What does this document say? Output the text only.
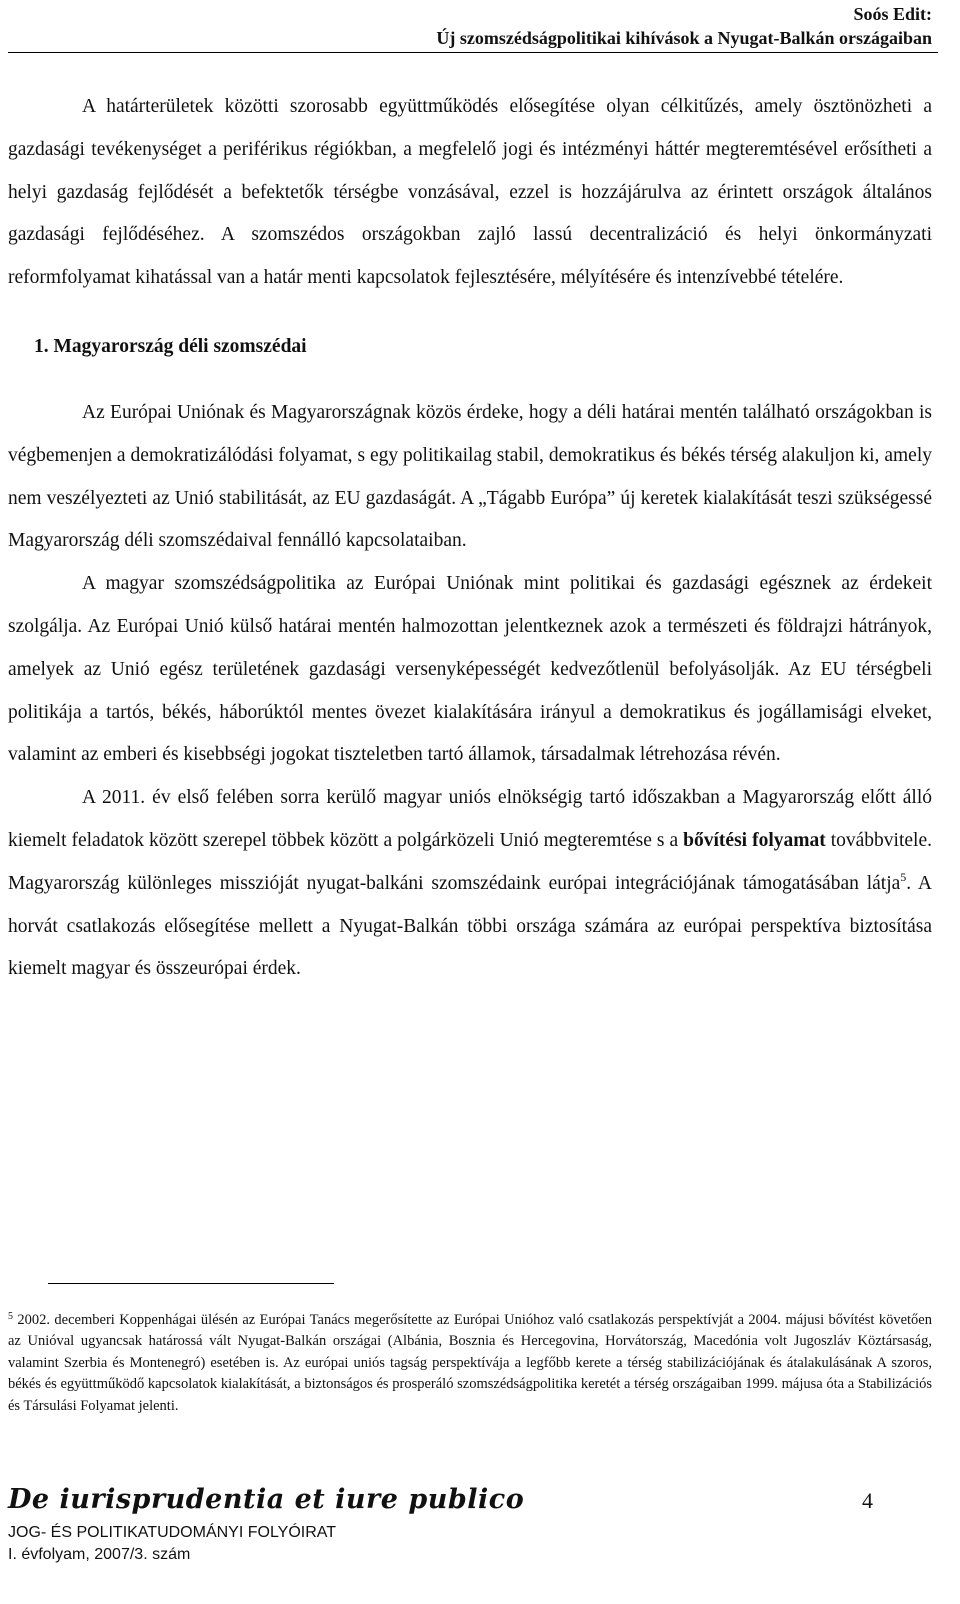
Soós Edit:
Új szomszédságpolitikai kihívások a Nyugat-Balkán országaiban

A határterületek közötti szorosabb együttműködés elősegítése olyan célkitűzés, amely ösztönözheti a gazdasági tevékenységet a periférikus régiókban, a megfelelő jogi és intézményi háttér megteremtésével erősítheti a helyi gazdaság fejlődését a befektetők térségbe vonzásával, ezzel is hozzájárulva az érintett országok általános gazdasági fejlődéséhez. A szomszédos országokban zajló lassú decentralizáció és helyi önkormányzati reformfolyamat kihatással van a határ menti kapcsolatok fejlesztésére, mélyítésére és intenzívebbé tételére.

1. Magyarország déli szomszédai

Az Európai Uniónak és Magyarországnak közös érdeke, hogy a déli határai mentén található országokban is végbemenjen a demokratizálódási folyamat, s egy politikailag stabil, demokratikus és békés térség alakuljon ki, amely nem veszélyezteti az Unió stabilitását, az EU gazdaságát. A „Tágabb Európa” új keretek kialakítását teszi szükségessé Magyarország déli szomszédaival fennálló kapcsolataiban.

A magyar szomszédságpolitika az Európai Uniónak mint politikai és gazdasági egésznek az érdekeit szolgálja. Az Európai Unió külső határai mentén halmozottan jelentkeznek azok a természeti és földrajzi hátrányok, amelyek az Unió egész területének gazdasági versenyképességét kedvezőtlenül befolyásolják. Az EU térségbeli politikája a tartós, békés, háborúktól mentes övezet kialakítására irányul a demokratikus és jogállamisági elveket, valamint az emberi és kisebbségi jogokat tiszteletben tartó államok, társadalmak létrehozása révén.

A 2011. év első felében sorra kerülő magyar uniós elnökségig tartó időszakban a Magyarország előtt álló kiemelt feladatok között szerepel többek között a polgárközeli Unió megteremtése s a bővítési folyamat továbbvitele. Magyarország különleges misszióját nyugat-balkáni szomszédaink európai integrációjának támogatásában látja$^5$. A horvát csatlakozás elősegítése mellett a Nyugat-Balkán többi országa számára az európai perspektíva biztosítása kiemelt magyar és összeurópai érdek.

$^5$ 2002. decemberi Koppenhágai ülésén az Európai Tanács megerősítette az Európai Unióhoz való csatlakozás perspektívját a 2004. májusi bővítést követően az Unióval ugyancsak határossá vált Nyugat-Balkán országai (Albánia, Bosznia és Hercegovina, Horvátország, Macedónia volt Jugoszláv Köztársaság, valamint Szerbia és Montenegró) esetében is. Az európai uniós tagság perspektívája a legfőbb kerete a térség stabilizációjának és átalakulásának A szoros, békés és együttműködő kapcsolatok kialakítását, a biztonságos és prosperáló szomszédságpolitika keretét a térség országaiban 1999. májusa óta a Stabilizációs és Társulási Folyamat jelenti.

De iurisprudentia et iure publico	4
JOG- ÉS POLITIKATUDOMÁNYI FOLYÓIRAT
I. évfolyam, 2007/3. szám
